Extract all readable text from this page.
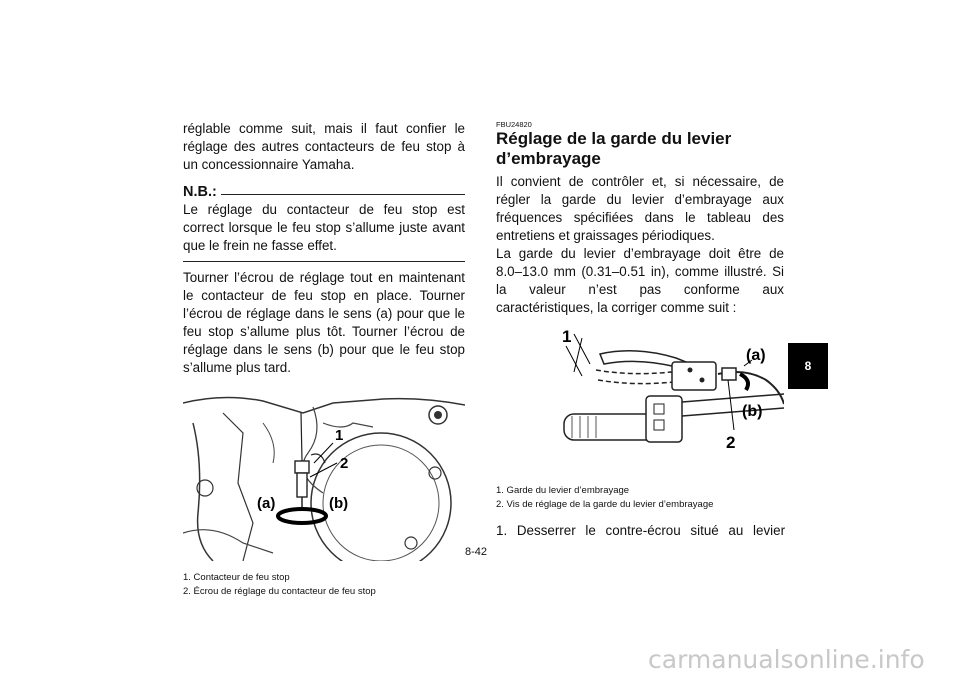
réglable comme suit, mais il faut confier le réglage des autres contacteurs de feu stop à un concessionnaire Yamaha.

N.B.:

Le réglage du contacteur de feu stop est correct lorsque le feu stop s’allume juste avant que le frein ne fasse effet.

Tourner l’écrou de réglage tout en maintenant le contacteur de feu stop en place. Tourner l’écrou de réglage dans le sens (a) pour que le feu stop s’allume plus tôt. Tourner l’écrou de réglage dans le sens (b) pour que le feu stop s’allume plus tard.

1
2
(a)	(b)
1. Contacteur de feu stop
2. Écrou de réglage du contacteur de feu stop

FBU24820

Réglage de la garde du levier
d’embrayage

Il convient de contrôler et, si nécessaire, de régler la garde du levier d’embrayage aux fréquences spécifiées dans le tableau des entretiens et graissages périodiques.

La garde du levier d’embrayage doit être de 8.0–13.0 mm (0.31–0.51 in), comme illustré. Si la valeur n’est pas conforme aux caractéristiques, la corriger comme suit :

1
(a)
(b)
2
1. Garde du levier d’embrayage
2. Vis de réglage de la garde du levier d’embrayage
1. Desserrer le contre-écrou situé au levier
8-42
8
carmanualsonline.info
